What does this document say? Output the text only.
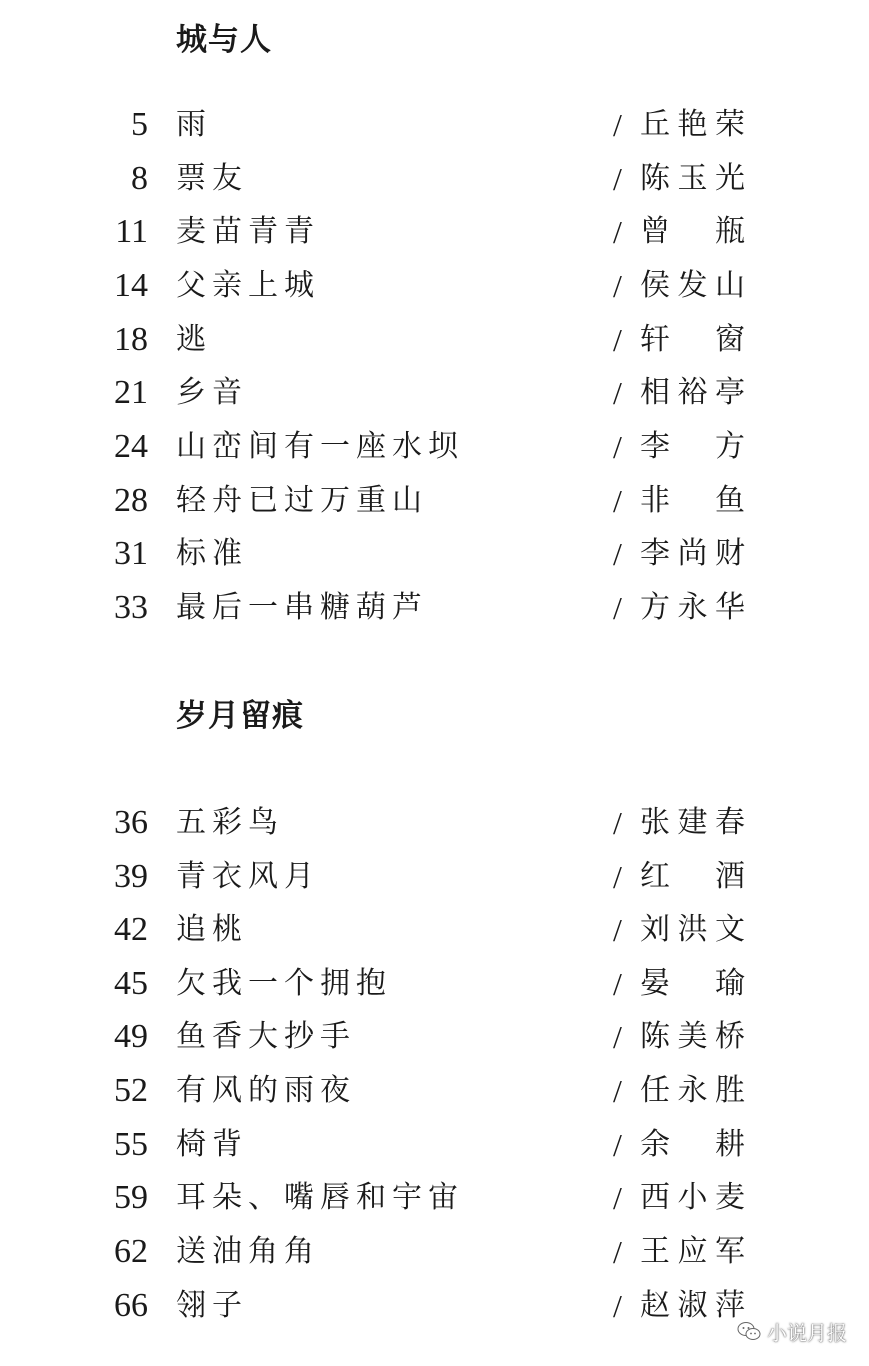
城与人
5 雨	/ 丘艳荣
8 票友	/ 陈玉光
11 麦苗青青	/ 曾瓶
14 父亲上城	/ 侯发山
18 逃	/ 轩窗
21 乡音	/ 相裕亭
24 山峦间有一座水坝	/ 李方
28 轻舟已过万重山	/ 非鱼
31 标准	/ 李尚财
33 最后一串糖葫芦	/ 方永华
岁月留痕
36 五彩鸟	/ 张建春
39 青衣风月	/ 红酒
42 追桃	/ 刘洪文
45 欠我一个拥抱	/ 晏瑜
49 鱼香大抄手	/ 陈美桥
52 有风的雨夜	/ 任永胜
55 椅背	/ 余耕
59 耳朵、嘴唇和宇宙	/ 西小麦
62 送油角角	/ 王应军
66 翎子	/ 赵淑萍
小说月报
